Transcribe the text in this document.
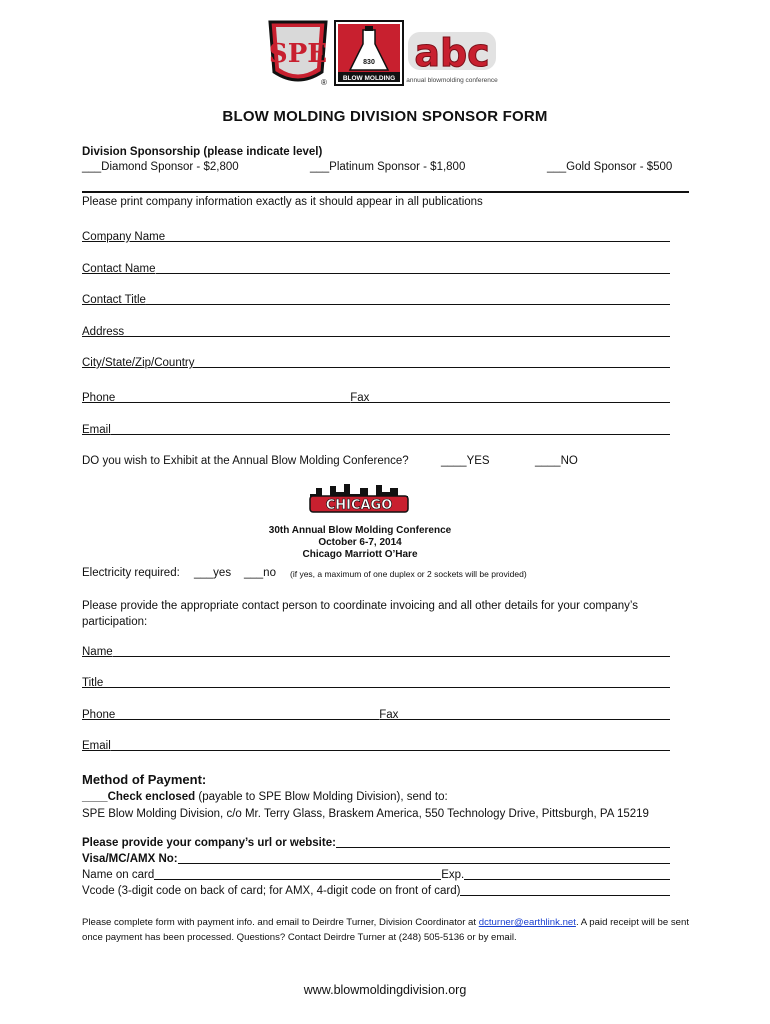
SPE
®
830
BLOW MOLDING
abc
annual blowmolding conference
BLOW MOLDING DIVISION SPONSOR FORM
Division Sponsorship (please indicate level)
___Diamond Sponsor - $2,800	___Platinum Sponsor - $1,800	___Gold Sponsor - $500
Please print company information exactly as it should appear in all publications
Company Name
Contact Name
Contact Title
Address
City/State/Zip/Country
Phone	Fax
Email
DO you wish to Exhibit at the Annual Blow Molding Conference?	____YES	____NO
CHICAGO
30th Annual Blow Molding Conference
October 6-7, 2014
Chicago Marriott O’Hare
Electricity required: ___yes ___no (if yes, a maximum of one duplex or 2 sockets will be provided)
Please provide the appropriate contact person to coordinate invoicing and all other details for your company’s participation:
Name
Title
Phone	Fax
Email
Method of Payment:
____Check enclosed (payable to SPE Blow Molding Division), send to:
SPE Blow Molding Division, c/o Mr. Terry Glass, Braskem America, 550 Technology Drive, Pittsburgh, PA 15219
Please provide your company’s url or website:
Visa/MC/AMX No:
Name on card	Exp.
Vcode (3-digit code on back of card; for AMX, 4-digit code on front of card)
Please complete form with payment info. and email to Deirdre Turner, Division Coordinator at dcturner@earthlink.net. A paid receipt will be sent once payment has been processed. Questions? Contact Deirdre Turner at (248) 505-5136 or by email.
www.blowmoldingdivision.org
